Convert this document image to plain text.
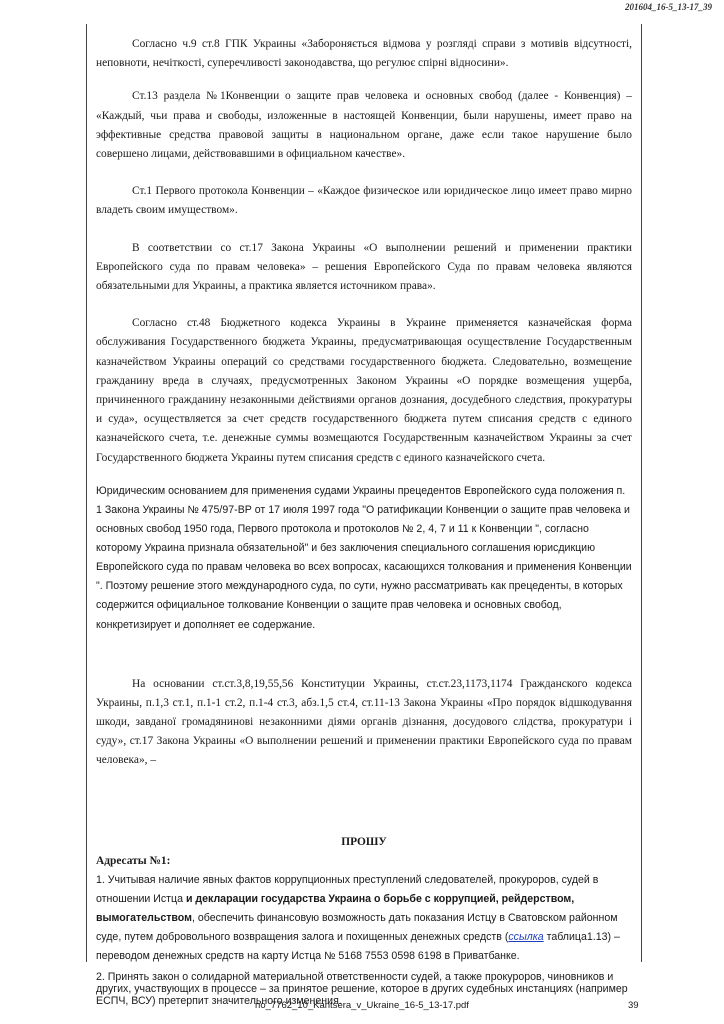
201604_16-5_13-17_39

Согласно ч.9 ст.8 ГПК Украины «Забороняється відмова у розгляді справи з мотивів відсутності, неповноти, нечіткості, суперечливості законодавства, що регулює спірні відносини».

Ст.13 раздела №1Конвенции о защите прав человека и основных свобод (далее - Конвенция) – «Каждый, чьи права и свободы, изложенные в настоящей Конвенции, были нарушены, имеет право на эффективные средства правовой защиты в национальном органе, даже если такое нарушение было совершено лицами, действовавшими в официальном качестве».

Ст.1 Первого протокола Конвенции – «Каждое физическое или юридическое лицо имеет право мирно владеть своим имуществом».

В соответствии со ст.17 Закона Украины «О выполнении решений и применении практики Европейского суда по правам человека» – решения Европейского Суда по правам человека являются обязательными для Украины, а практика является источником права».

Согласно ст.48 Бюджетного кодекса Украины в Украине применяется казначейская форма обслуживания Государственного бюджета Украины, предусматривающая осуществление Государственным казначейством Украины операций со средствами государственного бюджета. Следовательно, возмещение гражданину вреда в случаях, предусмотренных Законом Украины «О порядке возмещения ущерба, причиненного гражданину незаконными действиями органов дознания, досудебного следствия, прокуратуры и суда», осуществляется за счет средств государственного бюджета путем списания средств с единого казначейского счета, т.е. денежные суммы возмещаются Государственным казначейством Украины за счет Государственного бюджета Украины путем списания средств с единого казначейского счета.

Юридическим основанием для применения судами Украины прецедентов Европейского суда положения п. 1 Закона Украины № 475/97-ВР от 17 июля 1997 года "О ратификации Конвенции о защите прав человека и основных свобод 1950 года, Первого протокола и протоколов № 2, 4, 7 и 11 к Конвенции ", согласно которому Украина признала обязательной" и без заключения специального соглашения юрисдикцию Европейского суда по правам человека во всех вопросах, касающихся толкования и применения Конвенции ". Поэтому решение этого международного суда, по сути, нужно рассматривать как прецеденты, в которых содержится официальное толкование Конвенции о защите прав человека и основных свобод, конкретизирует и дополняет ее содержание.

На основании ст.ст.3,8,19,55,56 Конституции Украины, ст.ст.23,1173,1174 Гражданского кодекса Украины, п.1,3 ст.1, п.1-1 ст.2, п.1-4 ст.3, абз.1,5 ст.4, ст.11-13 Закона Украины «Про порядок відшкодування шкоди, завданої громадянинові незаконними діями органів дізнання, досудового слідства, прокуратури і суду», ст.17 Закона Украины «О выполнении решений и применении практики Европейского суда по правам человека», –

ПРОШУ

Адресаты №1:

1. Учитывая наличие явных фактов коррупционных преступлений следователей, прокуроров, судей в отношении Истца и декларации государства Украина о борьбе с коррупцией, рейдерством, вымогательством, обеспечить финансовую возможность дать показания Истцу в Сватовском районном суде, путем добровольного возвращения залога и похищенных денежных средств (ссылка таблица1.13) – переводом денежных средств на карту Истца № 5168 7553 0598 6198 в Приватбанке.

2. Принять закон о солидарной материальной ответственности судей, а также прокуроров, чиновников и других, участвующих в процессе – за принятое решение, которое в других судебных инстанциях (например ЕСПЧ, ВСУ) претерпит значительного изменения.

no_7762_10_Kantsera_v_Ukraine_16-5_13-17.pdf	39
